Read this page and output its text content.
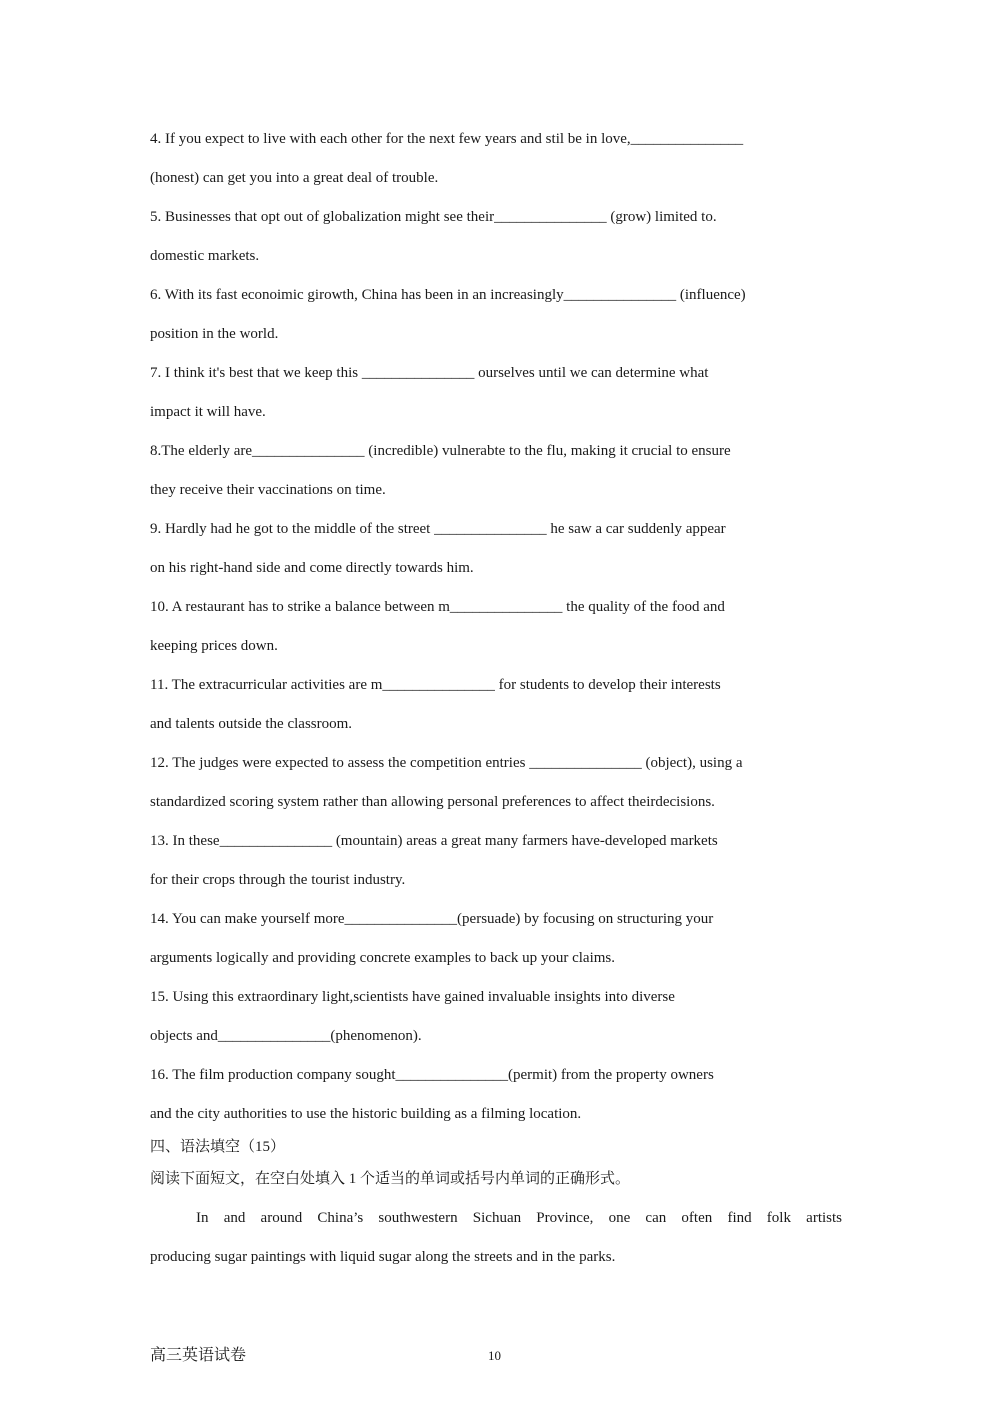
4. If you expect to live with each other for the next few years and stil be in love,_______________
(honest) can get you into a great deal of trouble.
5. Businesses that opt out of globalization might see their_______________ (grow) limited to.
domestic markets.
6. With its fast econoimic girowth, China has been in an increasingly_______________ (influence)
position in the world.
7. I think it's best that we keep this _______________ ourselves until we can determine what
impact it will have.
8.The elderly are_______________ (incredible) vulnerabte to the flu, making it crucial to ensure
they receive their vaccinations on time.
9. Hardly had he got to the middle of the street _______________ he saw a car suddenly appear
on his right-hand side and come directly towards him.
10. A restaurant has to strike a balance between m_______________ the quality of the food and
keeping prices down.
11. The extracurricular activities are m_______________ for students to develop their interests
and talents outside the classroom.
12. The judges were expected to assess the competition entries _______________ (object), using a
standardized scoring system rather than allowing personal preferences to affect theirdecisions.
13. In these_______________ (mountain) areas a great many farmers have-developed markets
for their crops through the tourist industry.
14. You can make yourself more_______________(persuade) by focusing on structuring your
arguments logically and providing concrete examples to back up your claims.
15. Using this extraordinary light,scientists have gained invaluable insights into diverse
objects and_______________(phenomenon).
16. The film production company sought_______________(permit) from the property owners
and the city authorities to use the historic building as a filming location.
四、语法填空（15）
阅读下面短文，在空白处填入 1 个适当的单词或括号内单词的正确形式。
In and around China’s southwestern Sichuan Province, one can often find folk artists
producing sugar paintings with liquid sugar along the streets and in the parks.
高三英语试卷	10
